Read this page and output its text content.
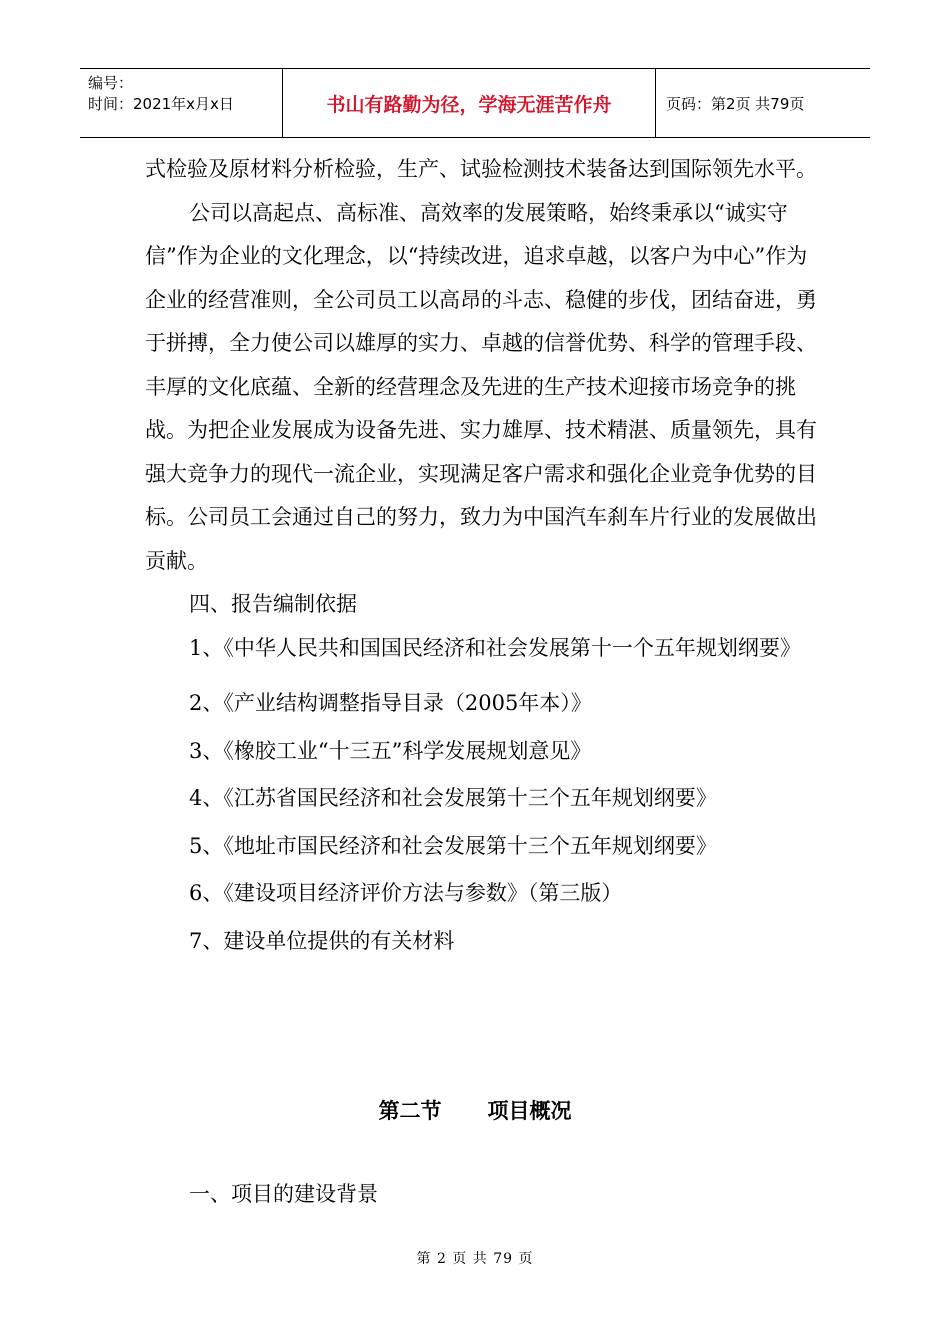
编号：
时间：2021年x月x日	书山有路勤为径，学海无涯苦作舟	页码：第2页 共79页

式检验及原材料分析检验，生产、试验检测技术装备达到国际领先水平。

公司以高起点、高标准、高效率的发展策略，始终秉承以“诚实守信”作为企业的文化理念，以“持续改进，追求卓越，以客户为中心”作为企业的经营准则，全公司员工以高昂的斗志、稳健的步伐，团结奋进，勇于拼搏，全力使公司以雄厚的实力、卓越的信誉优势、科学的管理手段、丰厚的文化底蕴、全新的经营理念及先进的生产技术迎接市场竞争的挑战。为把企业发展成为设备先进、实力雄厚、技术精湛、质量领先，具有强大竞争力的现代一流企业，实现满足客户需求和强化企业竞争优势的目标。公司员工会通过自己的努力，致力为中国汽车刹车片行业的发展做出贡献。

四、报告编制依据

1、《中华人民共和国国民经济和社会发展第十一个五年规划纲要》

2、《产业结构调整指导目录（2005年本）》

3、《橡胶工业“十三五”科学发展规划意见》

4、《江苏省国民经济和社会发展第十三个五年规划纲要》

5、《地址市国民经济和社会发展第十三个五年规划纲要》

6、《建设项目经济评价方法与参数》（第三版）

7、建设单位提供的有关材料

第二节 项目概况
一、项目的建设背景
第 2 页 共 79 页
